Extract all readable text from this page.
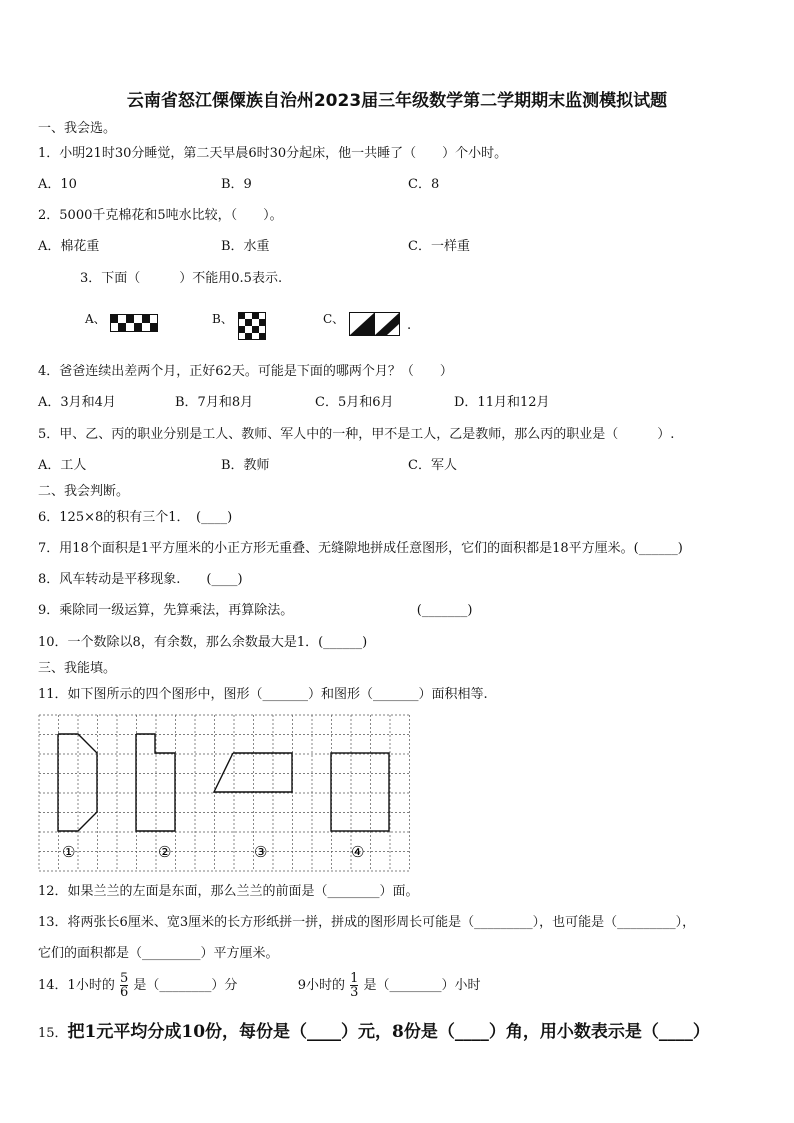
云南省怒江傈僳族自治州2023届三年级数学第二学期期末监测模拟试题
一、我会选。
1．小明21时30分睡觉，第二天早晨6时30分起床，他一共睡了（　　）个小时。
A．10	B．9	C．8
2．5000千克棉花和5吨水比较，（　　）。
A．棉花重	B．水重	C．一样重
3．下面（　　　）不能用0.5表示.
A、	B、	C、	.
4．爸爸连续出差两个月，正好62天。可能是下面的哪两个月？（　　）
A．3月和4月	B．7月和8月	C．5月和6月	D．11月和12月
5．甲、乙、丙的职业分别是工人、教师、军人中的一种，甲不是工人，乙是教师，那么丙的职业是（　　　）.
A．工人	B．教师	C．军人
二、我会判断。
6．125×8的积有三个1．　(____)
7．用18个面积是1平方厘米的小正方形无重叠、无缝隙地拼成任意图形，它们的面积都是18平方厘米。(______)
8．风车转动是平移现象.　　(____)
9．乘除同一级运算，先算乘法，再算除法。　　　　　　　　　　(_______)
10．一个数除以8，有余数，那么余数最大是1．(______)
三、我能填。
11．如下图所示的四个图形中，图形（_______）和图形（_______）面积相等.
①	②	③	④
12．如果兰兰的左面是东面，那么兰兰的前面是（________）面。
13．将两张长6厘米、宽3厘米的长方形纸拼一拼，拼成的图形周长可能是（_________），也可能是（_________），
它们的面积都是（_________）平方厘米。
14．1小时的 $\frac{5}{6}$ 是（________）分	9小时的 $\frac{1}{3}$ 是（________）小时
15．把1元平均分成10份，每份是（____）元，8份是（____）角，用小数表示是（____）
